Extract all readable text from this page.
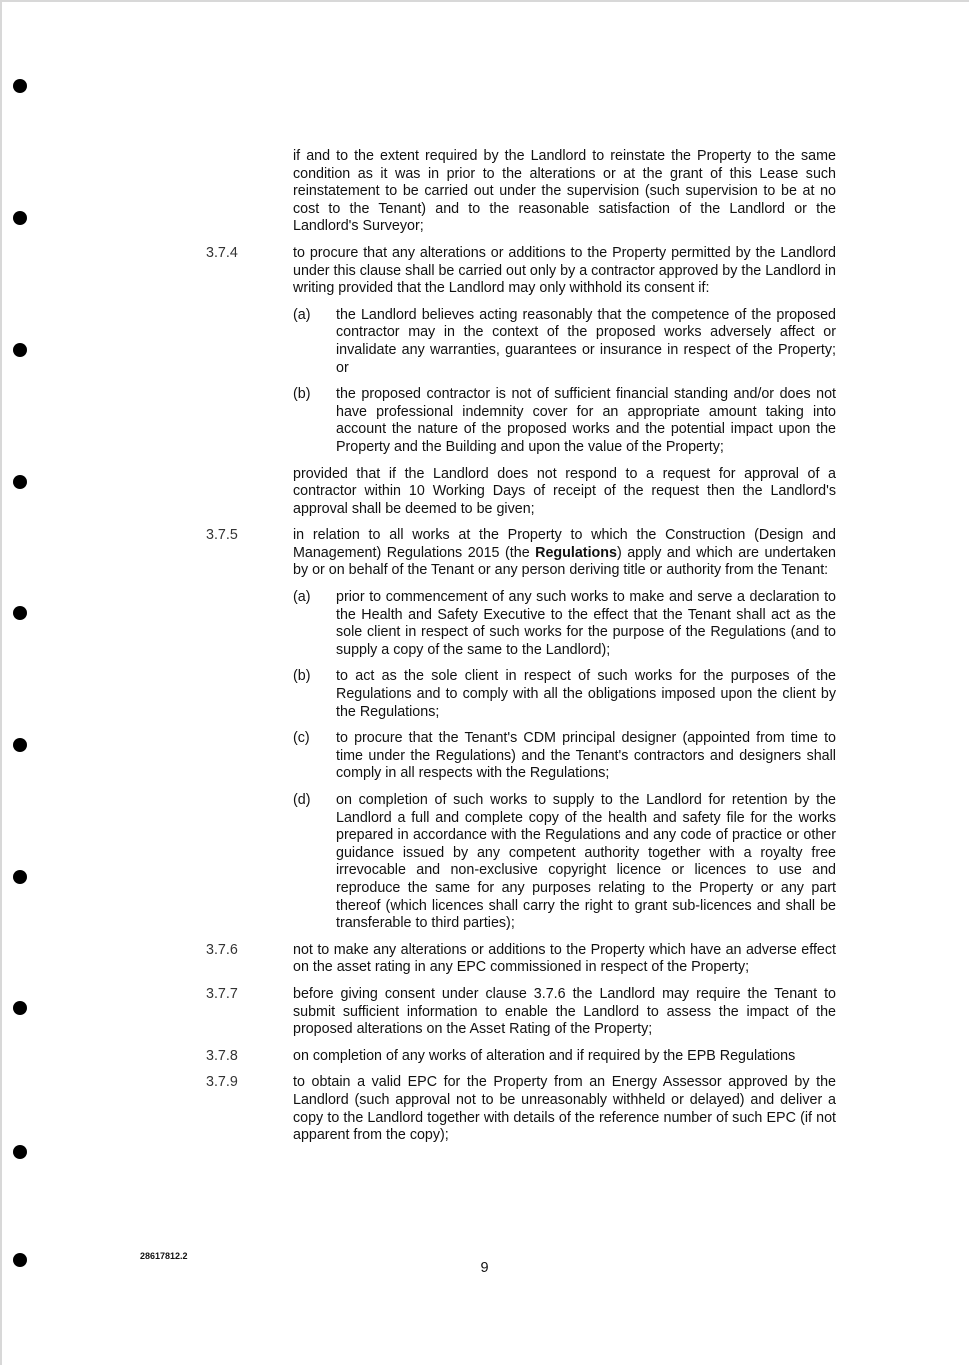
if and to the extent required by the Landlord to reinstate the Property to the same condition as it was in prior to the alterations or at the grant of this Lease such reinstatement to be carried out under the supervision (such supervision to be at no cost to the Tenant) and to the reasonable satisfaction of the Landlord or the Landlord's Surveyor;
3.7.4	to procure that any alterations or additions to the Property permitted by the Landlord under this clause shall be carried out only by a contractor approved by the Landlord in writing provided that the Landlord may only withhold its consent if:
(a)	the Landlord believes acting reasonably that the competence of the proposed contractor may in the context of the proposed works adversely affect or invalidate any warranties, guarantees or insurance in respect of the Property; or
(b)	the proposed contractor is not of sufficient financial standing and/or does not have professional indemnity cover for an appropriate amount taking into account the nature of the proposed works and the potential impact upon the Property and the Building and upon the value of the Property;
provided that if the Landlord does not respond to a request for approval of a contractor within 10 Working Days of receipt of the request then the Landlord's approval shall be deemed to be given;
3.7.5	in relation to all works at the Property to which the Construction (Design and Management) Regulations 2015 (the Regulations) apply and which are undertaken by or on behalf of the Tenant or any person deriving title or authority from the Tenant:
(a)	prior to commencement of any such works to make and serve a declaration to the Health and Safety Executive to the effect that the Tenant shall act as the sole client in respect of such works for the purpose of the Regulations (and to supply a copy of the same to the Landlord);
(b)	to act as the sole client in respect of such works for the purposes of the Regulations and to comply with all the obligations imposed upon the client by the Regulations;
(c)	to procure that the Tenant's CDM principal designer (appointed from time to time under the Regulations) and the Tenant's contractors and designers shall comply in all respects with the Regulations;
(d)	on completion of such works to supply to the Landlord for retention by the Landlord a full and complete copy of the health and safety file for the works prepared in accordance with the Regulations and any code of practice or other guidance issued by any competent authority together with a royalty free irrevocable and non-exclusive copyright licence or licences to use and reproduce the same for any purposes relating to the Property or any part thereof (which licences shall carry the right to grant sub-licences and shall be transferable to third parties);
3.7.6	not to make any alterations or additions to the Property which have an adverse effect on the asset rating in any EPC commissioned in respect of the Property;
3.7.7	before giving consent under clause 3.7.6 the Landlord may require the Tenant to submit sufficient information to enable the Landlord to assess the impact of the proposed alterations on the Asset Rating of the Property;
3.7.8	on completion of any works of alteration and if required by the EPB Regulations
3.7.9	to obtain a valid EPC for the Property from an Energy Assessor approved by the Landlord (such approval not to be unreasonably withheld or delayed) and deliver a copy to the Landlord together with details of the reference number of such EPC (if not apparent from the copy);
28617812.2
9
